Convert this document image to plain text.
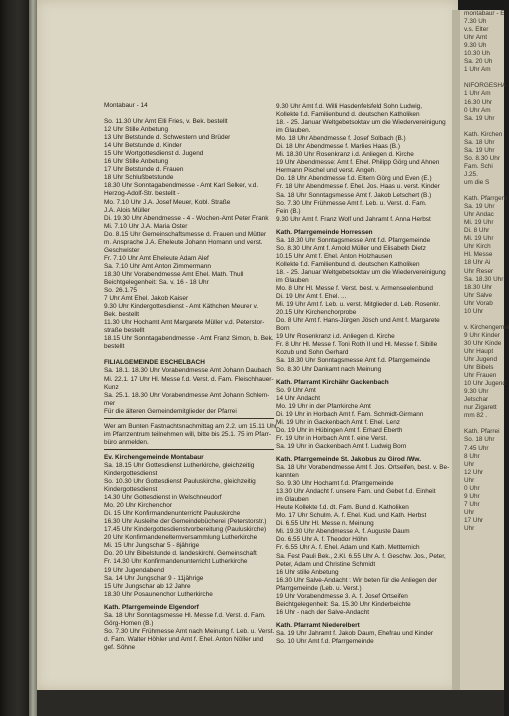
montabaur - E
7.30 Uh
v.s. Elter
Uhr Amt
9.30 Uh
10.30 Uh
Sa. 20 Uh
1 Uhr Am

NIFORGESHA
1 Uhr Am
16.30 Uhr
0 Uhr Am
Sa. 19 Uhr

Kath. Kirchen
Sa. 18 Uhr
Sa. 19 Uhr
So. 8.30 Uhr
Fam. Schi
J.25.
um die S

Kath. Pfarrgem
Sa. 19 Uhr
Uhr Andac
Mi. 19 Uhr
Di. 8 Uhr
Mi. 19 Uhr
Uhr Kirch
Hl. Messe
18 Uhr Ai
Uhr Reser
Sa. 18.30 Uhr
18.30 Uhr
Uhr Salve
Uhr Vorab
10 Uhr

v. Kirchengemei
9 Uhr Kinder
30 Uhr Kinde
Uhr Haupt
Uhr Jugend
Uhr Bibels
Uhr Frauen
10 Uhr Jugend
9.30 Uhr
Jetschar
nur Zigarett
mm 82 .

Kath. Pfarrei
So. 18 Uhr
7.45 Uhr
8 Uhr
Uhr
12 Uhr
Uhr
0 Uhr
9 Uhr
7 Uhr
Uhr
17 Uhr
Uhr
Montabaur - 14
So. 11.30 Uhr Amt Elli Fries, v. Bek. bestellt
12 Uhr Stille Anbetung
13 Uhr Betstunde d. Schwestern und Brüder
14 Uhr Betstunde d. Kinder
15 Uhr Wortgottesdienst d. Jugend
16 Uhr Stille Anbetung
17 Uhr Betstunde d. Frauen
18 Uhr Schlußbetstunde
18.30 Uhr Sonntagabendmesse - Amt Karl Selker, v.d.
Herzog-Adolf-Str. bestellt -
Mo. 7.10 Uhr J.A. Josef Meuer, Kobl. Straße
J.A. Alois Müller
Di. 19.30 Uhr Abendmesse - 4 - Wochen-Amt Peter Frank
Mi. 7.10 Uhr J.A. Maria Oster
Do. 8.15 Uhr Gemeinschaftsmesse d. Frauen und Mütter
m. Ansprache J.A. Eheleute Johann Homann und verst.
Geschwister
Fr. 7.10 Uhr Amt Eheleute Adam Alef
Sa. 7.10 Uhr Amt Anton Zimmermann
18.30 Uhr Vorabendmesse Amt Ehel. Math. Thull
Beichtgelegenheit: Sa. v. 16 - 18 Uhr
So. 26.1.75
7 Uhr Amt Ehel. Jakob Kaiser
9.30 Uhr Kindergottesdienst - Amt Käthchen Meurer v.
Bek. bestellt
11.30 Uhr Hochamt Amt Margarete Müller v.d. Peterstor-
straße bestellt
18.15 Uhr Sonntagabendmesse - Amt Franz Simon, b. Bek.
bestellt
FILIALGEMEINDE ESCHELBACH
Sa. 18.1. 18.30 Uhr Vorabendmesse Amt Johann Daubach
Mi. 22.1. 17 Uhr Hl. Messe f.d. Verst. d. Fam. Fleischhauer-
Kunz
Sa. 25.1. 18.30 Uhr Vorabendmesse Amt Johann Schlem-
mer
Für die älteren Gemeindemitglieder der Pfarrei
Wer am Bunten Fastnachtsnachmittag am 2.2. um 15.11 Uhr
im Pfarrzentrum teilnehmen will, bitte bis 25.1. 75 im Pfarr-
büro anmelden.
Ev. Kirchengemeinde Montabaur
Sa. 18.15 Uhr Gottesdienst Lutherkirche, gleichzeitig
Kindergottesdienst
So. 10.30 Uhr Gottesdienst Pauluskirche, gleichzeitig
Kindergottesdienst
14.30 Uhr Gottesdienst in Welschneudorf
Mo. 20 Uhr Kirchenchor
Di. 15 Uhr Konfirmandenunterricht Pauluskirche
16.30 Uhr Ausleihe der Gemeindebücherei (Peterstorstr.)
17.45 Uhr Kindergottesdienstvorbereitung (Pauluskirche)
20 Uhr Konfirmandenelternversammlung Lutherkirche
Mi. 15 Uhr Jungschar 5 - 8jährige
Do. 20 Uhr Bibelstunde d. landeskirchl. Gemeinschaft
Fr. 14.30 Uhr Konfirmandenunterricht Lutherkirche
19 Uhr Jugendabend
Sa. 14 Uhr Jungschar 9 - 11jährige
15 Uhr Jungschar ab 12 Jahre
18.30 Uhr Posaunenchor Lutherkirche
Kath. Pfarrgemeinde Elgendorf
Sa. 18 Uhr Sonntagsmesse Hl. Messe f.d. Verst. d. Fam.
Görg-Homen (B.)
So. 7.30 Uhr Frühmesse Amt nach Meinung f. Leb. u. Verst.
d. Fam. Walter Höhler und Amt f. Ehel. Anton Nöller und
gef. Söhne
9.30 Uhr Amt f.d. Willi Hasdenfelsfeld Sohn Ludwig,
Kollekte f.d. Familienbund d. deutschen Katholiken
18. - 25. Januar Weltgebetsoktav um die Wiedervereinigung
im Glauben.
Mo. 18 Uhr Abendmesse f. Josef Solbach (B.)
Di. 18 Uhr Abendmesse f. Marlies Haas (B.)
Mi. 18.30 Uhr Rosenkranz i.d. Anliegen d. Kirche
19 Uhr Abendmesse: Amt f. Ehel. Philipp Görg und Ahnen
Hermann Pischel und verst. Angeh.
Do. 18 Uhr Abendmesse f.d. Eltern Görg und Even (E.)
Fr. 18 Uhr Abendmesse f. Ehel. Jos. Haas u. verst. Kinder
Sa. 18 Uhr Sonntagsmesse Amt f. Jakob Letschert (B.)
So. 7.30 Uhr Frühmesse Amt f. Leb. u. Verst. d. Fam.
Fein (B.)
9.30 Uhr Amt f. Franz Wolf und Jahramt f. Anna Herbst
Kath. Pfarrgemeinde Horressen
Sa. 18.30 Uhr Sonntagsmesse Amt f.d. Pfarrgemeinde
So. 8.30 Uhr Amt f. Arnold Müller und Elisabeth Dietz
10.15 Uhr Amt f. Ehel. Anton Holzhausen
Kollekte f.d. Familienbund d. deutschen Katholiken
18. - 25. Januar Weltgebetsoktav um die Wiedervereinigung
im Glauben
Mo. 8 Uhr Hl. Messe f. Verst. best. v. Armenseelenbund
Di. 19 Uhr Amt f. Ehel. ...
Mi. 19 Uhr Amt f. Leb. u. verst. Mitglieder d. Leb. Rosenkr.
20.15 Uhr Kirchenchorprobe
Do. 8 Uhr Amt f. Hans-Jürgen Jösch und Amt f. Margarete
Born
19 Uhr Rosenkranz i.d. Anliegen d. Kirche
Fr. 8 Uhr Hl. Messe f. Toni Roth II und Hl. Messe f. Sibille
Kozub und Sohn Gerhard
Sa. 18.30 Uhr Sonntagsmesse Amt f.d. Pfarrgemeinde
So. 8.30 Uhr Dankamt nach Meinung
Kath. Pfarramt Kirchähr Gackenbach
So. 9 Uhr Amt
14 Uhr Andacht
Mo. 19 Uhr in der Pfarrkirche Amt
Di. 19 Uhr in Horbach Amt f. Fam. Schmidt-Girmann
Mi. 19 Uhr in Gackenbach Amt f. Ehel. Lenz
Do. 19 Uhr in Hübingen Amt f. Erhard Eberth
Fr. 19 Uhr in Horbach Amt f. eine Verst.
Sa. 19 Uhr in Gackenbach Amt f. Ludwig Born
Kath. Pfarrgemeinde St. Jakobus zu Girod /Ww.
Sa. 18 Uhr Vorabendmesse Amt f. Jos. Ortseifen, best. v. Be-
kannten
So. 9.30 Uhr Hochamt f.d. Pfarrgemeinde
13.30 Uhr Andacht f. unsere Fam. und Gebet f.d. Einheit
im Glauben
Heute Kollekte f.d. dt. Fam. Bund d. Katholiken
Mo. 17 Uhr Schulm. A. f. Ehel. Kud. und Kath. Herbst
Di. 6.55 Uhr Hl. Messe n. Meinung
Mi. 19.30 Uhr Abendmesse A. f. Auguste Daum
Do. 6.55 Uhr A. f. Theodor Höhn
Fr. 6.55 Uhr A. f. Ehel. Adam und Kath. Mettternich
Sa. Fest Pauli Bek., 2.Kl. 6.55 Uhr A. f. Geschw. Jos., Peter,
Peter, Adam und Christine Schmidt
16 Uhr stille Anbetung
16.30 Uhr Salve-Andacht : Wir beten für die Anliegen der
Pfarrgemeinde (Leb. u. Verst.)
19 Uhr Vorabendmesse 3. A. f. Josef Ortseifen
Beichtgelegenheit: Sa. 15.30 Uhr Kinderbeichte
16 Uhr - nach der Salve-Andacht
Kath. Pfarramt Niederelbert
Sa. 19 Uhr Jahramt f. Jakob Daum, Ehefrau und Kinder
So. 10 Uhr Amt f.d. Pfarrgemeinde
